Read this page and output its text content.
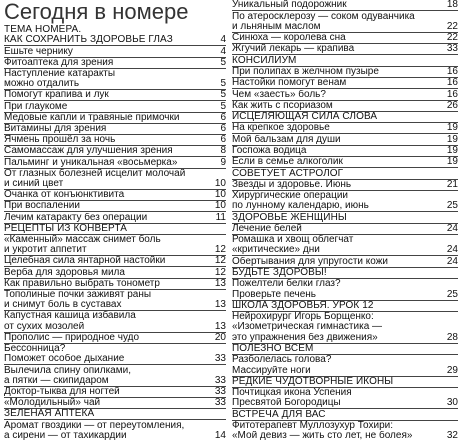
Сегодня в номере
ТЕМА НОМЕРА.
КАК СОХРАНИТЬ ЗДОРОВЬЕ ГЛАЗ	4
Ешьте чернику	4
Фитоаптека для зрения	5
Наступление катаракты
можно отдалить	5
Помогут крапива и лук	5
При глаукоме	5
Медовые капли и травяные примочки	6
Витамины для зрения	6
Ячмень прошёл за ночь	6
Самомассаж для улучшения зрения	8
Пальминг и уникальная «восьмерка»	9
От глазных болезней исцелит молочай
и синий цвет	10
Очанка от конъюнктивита	10
При воспалении	10
Лечим катаракту без операции	11
РЕЦЕПТЫ ИЗ КОНВЕРТА
«Каменный» массаж снимет боль
и укротит аппетит	12
Целебная сила янтарной настойки	12
Верба для здоровья мила	12
Как правильно выбрать тонометр	13
Тополиные почки заживят раны
и снимут боль в суставах	13
Капустная кашица избавила
от сухих мозолей	13
Прополис — природное чудо	20
Бессонница?
Поможет особое дыхание	33
Вылечила спину опилками,
а пятки — скипидаром	33
Доктор-тыква для ногтей	33
«Молодильный» чай	33
ЗЕЛЕНАЯ АПТЕКА
Аромат гвоздики — от переутомления,
а сирени — от тахикардии	14
Уникальный подорожник	18
По атеросклерозу — соком одуванчика
и льняным маслом	22
Синюха — королева сна	22
Жгучий лекарь — крапива	33
КОНСИЛИУМ
При полипах в желчном пузыре	16
Настойки помогут венам	16
Чем «заесть» боль?	16
Как жить с псориазом	26
ИСЦЕЛЯЮЩАЯ СИЛА СЛОВА
На крепкое здоровье	19
Мой бальзам для души	19
Госпожа водица	19
Если в семье алкоголик	19
СОВЕТУЕТ АСТРОЛОГ
Звезды и здоровье. Июнь	21
Хирургические операции
по лунному календарю, июнь	25
ЗДОРОВЬЕ ЖЕНЩИНЫ
Лечение белей	24
Ромашка и хвощ облегчат
«критические» дни	24
Обертывания для упругости кожи	24
БУДЬТЕ ЗДОРОВЫ!
Пожелтели белки глаз?
Проверьте печень	25
ШКОЛА ЗДОРОВЬЯ. УРОК 12
Нейрохирург Игорь Борщенко:
«Изометрическая гимнастика —
это упражнения без движения»	28
ПОЛЕЗНО ВСЕМ
Разболелась голова?
Массируйте ноги	29
РЕДКИЕ ЧУДОТВОРНЫЕ ИКОНЫ
Почтицкая икона Успения
Пресвятой Богородицы	30
ВСТРЕЧА ДЛЯ ВАС
Фитотерапевт Муллозухур Тохири:
«Мой девиз — жить сто лет, не болея»	32
